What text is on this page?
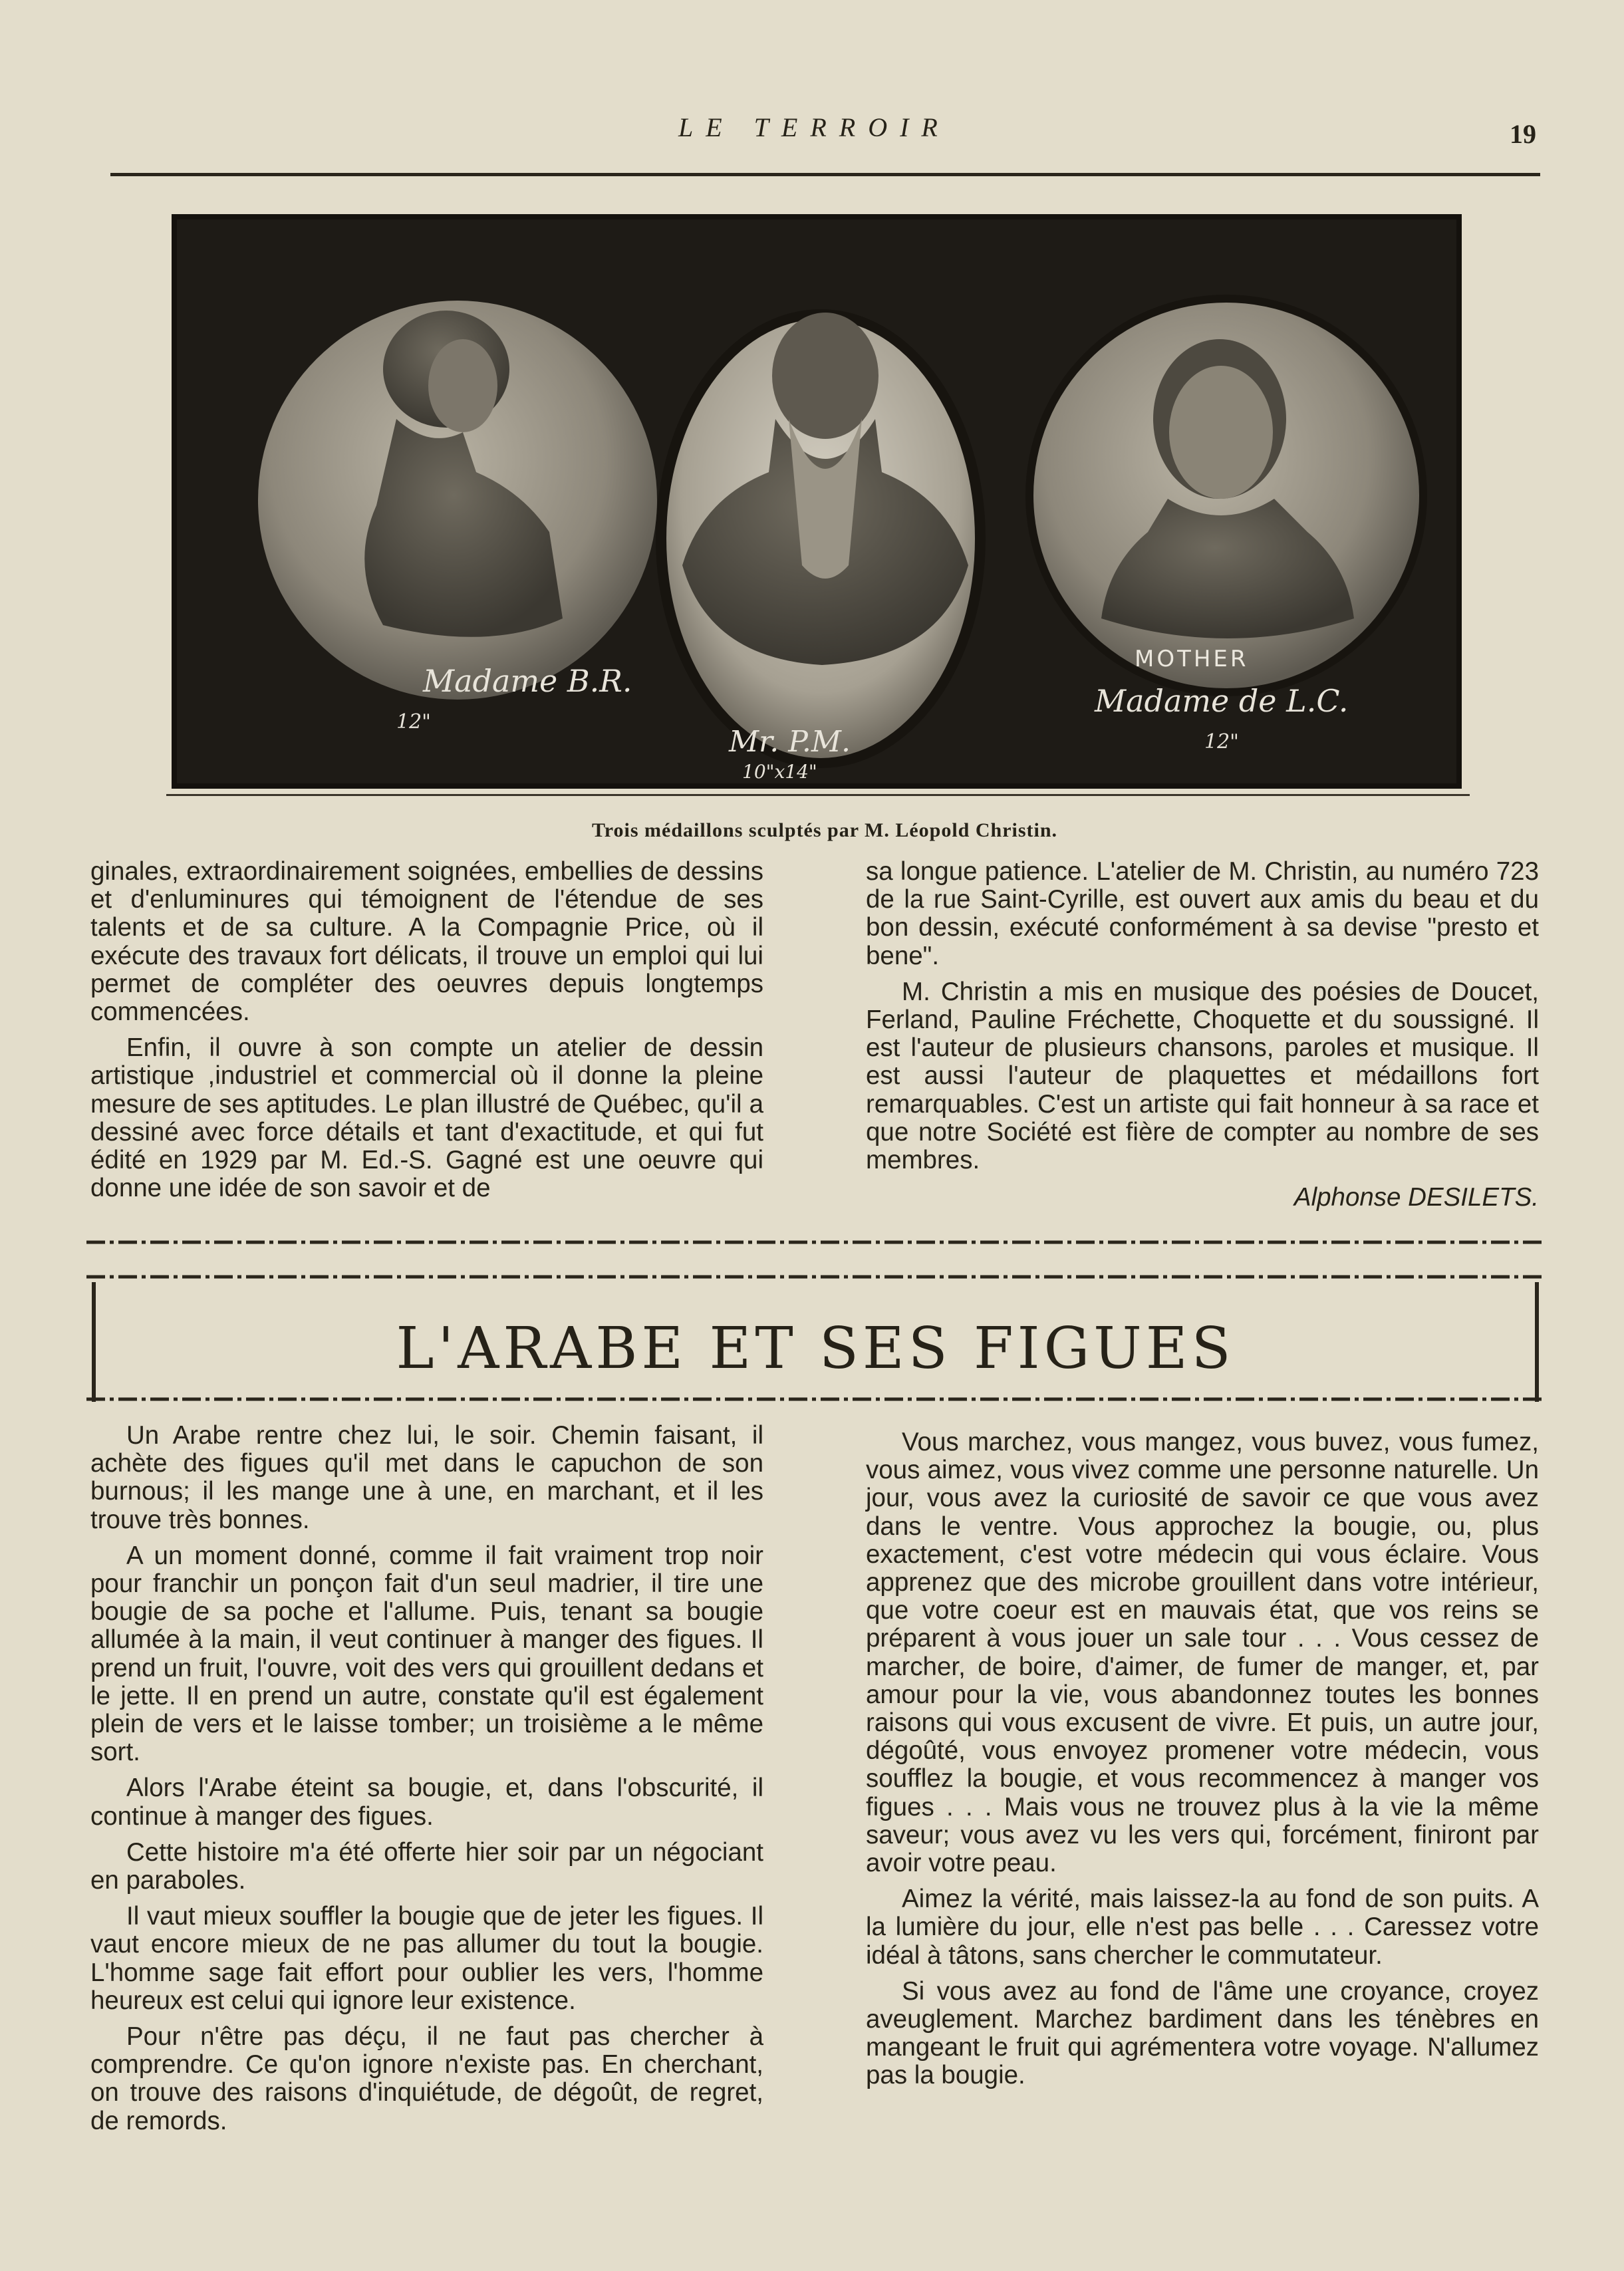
LE TERROIR	19
Madame B.R.
12"
Mr. P.M.
10"x14"
MOTHER
Madame de L.C.
12"
Trois médaillons sculptés par M. Léopold Christin.

ginales, extraordinairement soignées, embellies de dessins et d'enluminures qui témoignent de l'étendue de ses talents et de sa culture. A la Compagnie Price, où il exécute des travaux fort délicats, il trouve un emploi qui lui permet de compléter des oeuvres depuis longtemps commencées.

Enfin, il ouvre à son compte un atelier de dessin artistique ,industriel et commercial où il donne la pleine mesure de ses aptitudes. Le plan illustré de Québec, qu'il a dessiné avec force détails et tant d'exactitude, et qui fut édité en 1929 par M. Ed.-S. Gagné est une oeuvre qui donne une idée de son savoir et de

sa longue patience. L'atelier de M. Christin, au numéro 723 de la rue Saint-Cyrille, est ouvert aux amis du beau et du bon dessin, exécuté conformément à sa devise "presto et bene".

M. Christin a mis en musique des poésies de Doucet, Ferland, Pauline Fréchette, Choquette et du soussigné. Il est l'auteur de plusieurs chansons, paroles et musique. Il est aussi l'auteur de plaquettes et médaillons fort remarquables. C'est un artiste qui fait honneur à sa race et que notre Société est fière de compter au nombre de ses membres.

Alphonse DESILETS.
L'ARABE ET SES FIGUES

Un Arabe rentre chez lui, le soir. Chemin faisant, il achète des figues qu'il met dans le capuchon de son burnous; il les mange une à une, en marchant, et il les trouve très bonnes.

A un moment donné, comme il fait vraiment trop noir pour franchir un ponçon fait d'un seul madrier, il tire une bougie de sa poche et l'allume. Puis, tenant sa bougie allumée à la main, il veut continuer à manger des figues. Il prend un fruit, l'ouvre, voit des vers qui grouillent dedans et le jette. Il en prend un autre, constate qu'il est également plein de vers et le laisse tomber; un troisième a le même sort.

Alors l'Arabe éteint sa bougie, et, dans l'obscurité, il continue à manger des figues.

Cette histoire m'a été offerte hier soir par un négociant en paraboles.

Il vaut mieux souffler la bougie que de jeter les figues. Il vaut encore mieux de ne pas allumer du tout la bougie. L'homme sage fait effort pour oublier les vers, l'homme heureux est celui qui ignore leur existence.

Pour n'être pas déçu, il ne faut pas chercher à comprendre. Ce qu'on ignore n'existe pas. En cherchant, on trouve des raisons d'inquiétude, de dégoût, de regret, de remords.

Vous marchez, vous mangez, vous buvez, vous fumez, vous aimez, vous vivez comme une personne naturelle. Un jour, vous avez la curiosité de savoir ce que vous avez dans le ventre. Vous approchez la bougie, ou, plus exactement, c'est votre médecin qui vous éclaire. Vous apprenez que des microbe grouillent dans votre intérieur, que votre coeur est en mauvais état, que vos reins se préparent à vous jouer un sale tour . . . Vous cessez de marcher, de boire, d'aimer, de fumer de manger, et, par amour pour la vie, vous abandonnez toutes les bonnes raisons qui vous excusent de vivre. Et puis, un autre jour, dégoûté, vous envoyez promener votre médecin, vous soufflez la bougie, et vous recommencez à manger vos figues . . . Mais vous ne trouvez plus à la vie la même saveur; vous avez vu les vers qui, forcément, finiront par avoir votre peau.

Aimez la vérité, mais laissez-la au fond de son puits. A la lumière du jour, elle n'est pas belle . . . Caressez votre idéal à tâtons, sans chercher le commutateur.

Si vous avez au fond de l'âme une croyance, croyez aveuglement. Marchez bardiment dans les ténèbres en mangeant le fruit qui agrémentera votre voyage. N'allumez pas la bougie.
